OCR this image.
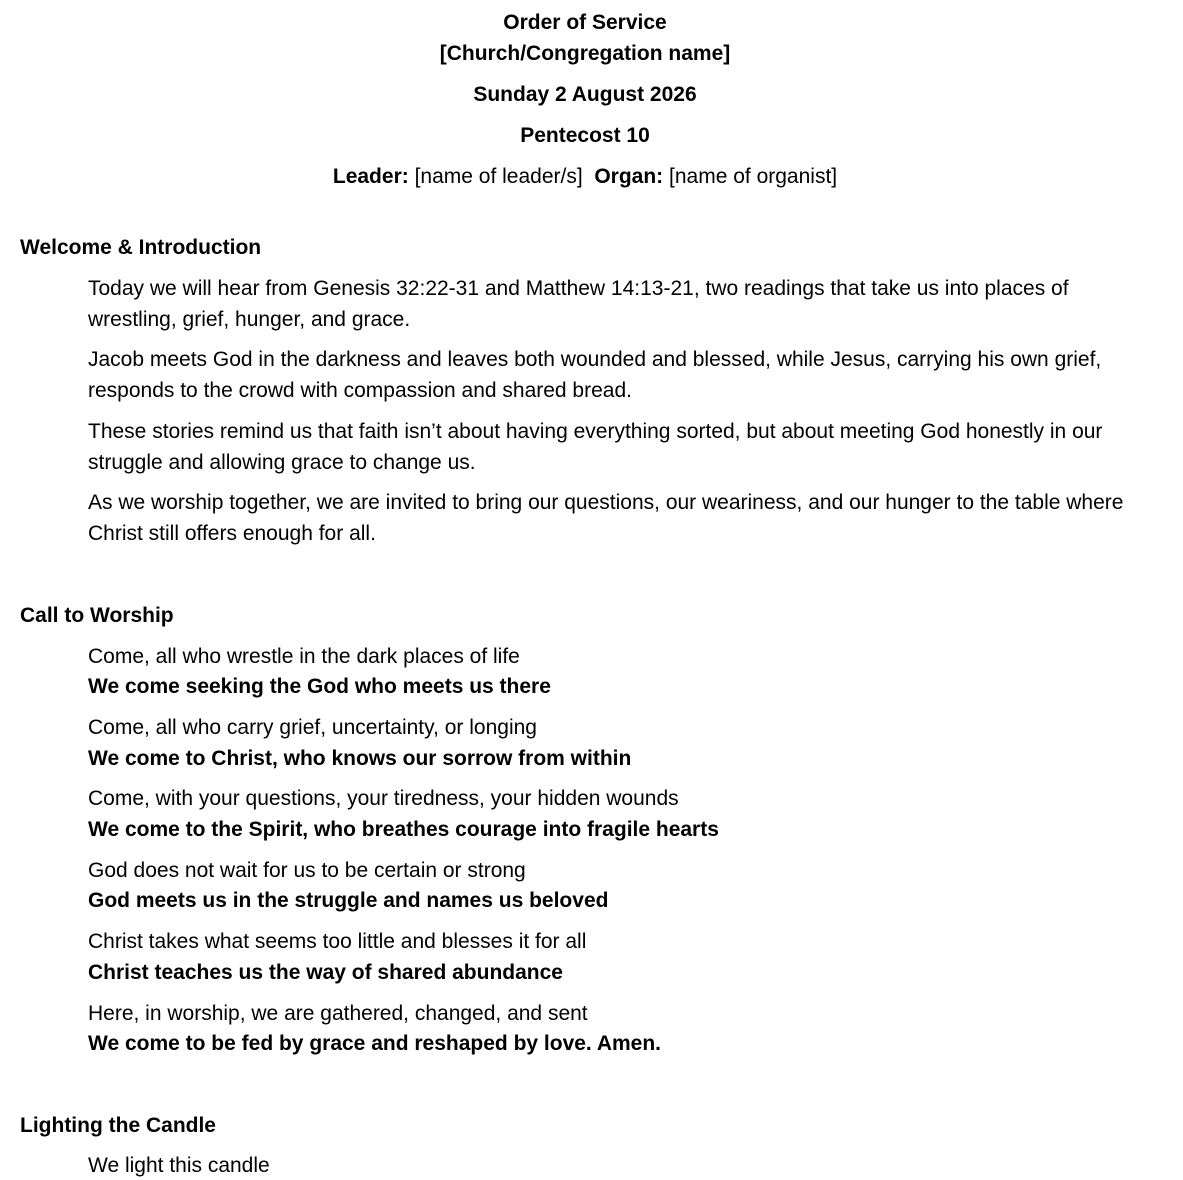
Order of Service
[Church/Congregation name]
Sunday 2 August 2026
Pentecost 10
Leader: [name of leader/s] Organ: [name of organist]
Welcome & Introduction
Today we will hear from Genesis 32:22-31 and Matthew 14:13-21, two readings that take us into places of wrestling, grief, hunger, and grace.
Jacob meets God in the darkness and leaves both wounded and blessed, while Jesus, carrying his own grief, responds to the crowd with compassion and shared bread.
These stories remind us that faith isn’t about having everything sorted, but about meeting God honestly in our struggle and allowing grace to change us.
As we worship together, we are invited to bring our questions, our weariness, and our hunger to the table where Christ still offers enough for all.
Call to Worship
Come, all who wrestle in the dark places of life
We come seeking the God who meets us there
Come, all who carry grief, uncertainty, or longing
We come to Christ, who knows our sorrow from within
Come, with your questions, your tiredness, your hidden wounds
We come to the Spirit, who breathes courage into fragile hearts
God does not wait for us to be certain or strong
God meets us in the struggle and names us beloved
Christ takes what seems too little and blesses it for all
Christ teaches us the way of shared abundance
Here, in worship, we are gathered, changed, and sent
We come to be fed by grace and reshaped by love. Amen.
Lighting the Candle
We light this candle
